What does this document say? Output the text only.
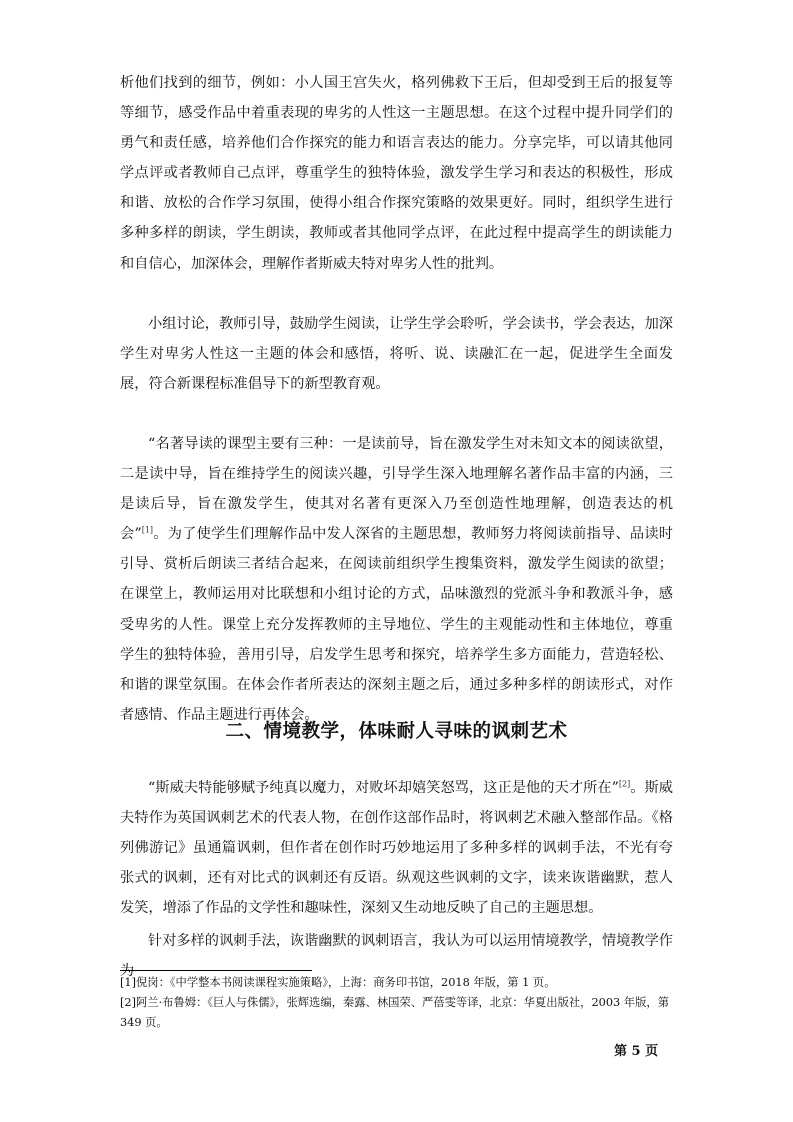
析他们找到的细节，例如：小人国王宫失火，格列佛救下王后，但却受到王后的报复等等细节，感受作品中着重表现的卑劣的人性这一主题思想。在这个过程中提升同学们的勇气和责任感，培养他们合作探究的能力和语言表达的能力。分享完毕，可以请其他同学点评或者教师自己点评，尊重学生的独特体验，激发学生学习和表达的积极性，形成和谐、放松的合作学习氛围，使得小组合作探究策略的效果更好。同时，组织学生进行多种多样的朗读，学生朗读，教师或者其他同学点评，在此过程中提高学生的朗读能力和自信心，加深体会，理解作者斯威夫特对卑劣人性的批判。

小组讨论，教师引导，鼓励学生阅读，让学生学会聆听，学会读书，学会表达，加深学生对卑劣人性这一主题的体会和感悟，将听、说、读融汇在一起，促进学生全面发展，符合新课程标准倡导下的新型教育观。

“名著导读的课型主要有三种：一是读前导，旨在激发学生对未知文本的阅读欲望，二是读中导，旨在维持学生的阅读兴趣，引导学生深入地理解名著作品丰富的内涵，三是读后导，旨在激发学生，使其对名著有更深入乃至创造性地理解，创造表达的机会”[1]。为了使学生们理解作品中发人深省的主题思想，教师努力将阅读前指导、品读时引导、赏析后朗读三者结合起来，在阅读前组织学生搜集资料，激发学生阅读的欲望；在课堂上，教师运用对比联想和小组讨论的方式，品味激烈的党派斗争和教派斗争，感受卑劣的人性。课堂上充分发挥教师的主导地位、学生的主观能动性和主体地位，尊重学生的独特体验，善用引导，启发学生思考和探究，培养学生多方面能力，营造轻松、和谐的课堂氛围。在体会作者所表达的深刻主题之后，通过多种多样的朗读形式，对作者感情、作品主题进行再体会。

二、情境教学，体味耐人寻味的讽刺艺术

“斯威夫特能够赋予纯真以魔力，对败坏却嬉笑怒骂，这正是他的天才所在”[2]。斯威夫特作为英国讽刺艺术的代表人物，在创作这部作品时，将讽刺艺术融入整部作品。《格列佛游记》虽通篇讽刺，但作者在创作时巧妙地运用了多种多样的讽刺手法，不光有夸张式的讽刺，还有对比式的讽刺还有反语。纵观这些讽刺的文字，读来诙谐幽默，惹人发笑，增添了作品的文学性和趣味性，深刻又生动地反映了自己的主题思想。

针对多样的讽刺手法，诙谐幽默的讽刺语言，我认为可以运用情境教学，情境教学作为

[1]倪岗：《中学整本书阅读课程实施策略》，上海：商务印书馆，2018 年版，第 1 页。

[2]阿兰·布鲁姆：《巨人与侏儒》，张辉选编，秦露、林国荣、严蓓雯等译，北京：华夏出版社，2003 年版，第 349 页。

第 5 页
